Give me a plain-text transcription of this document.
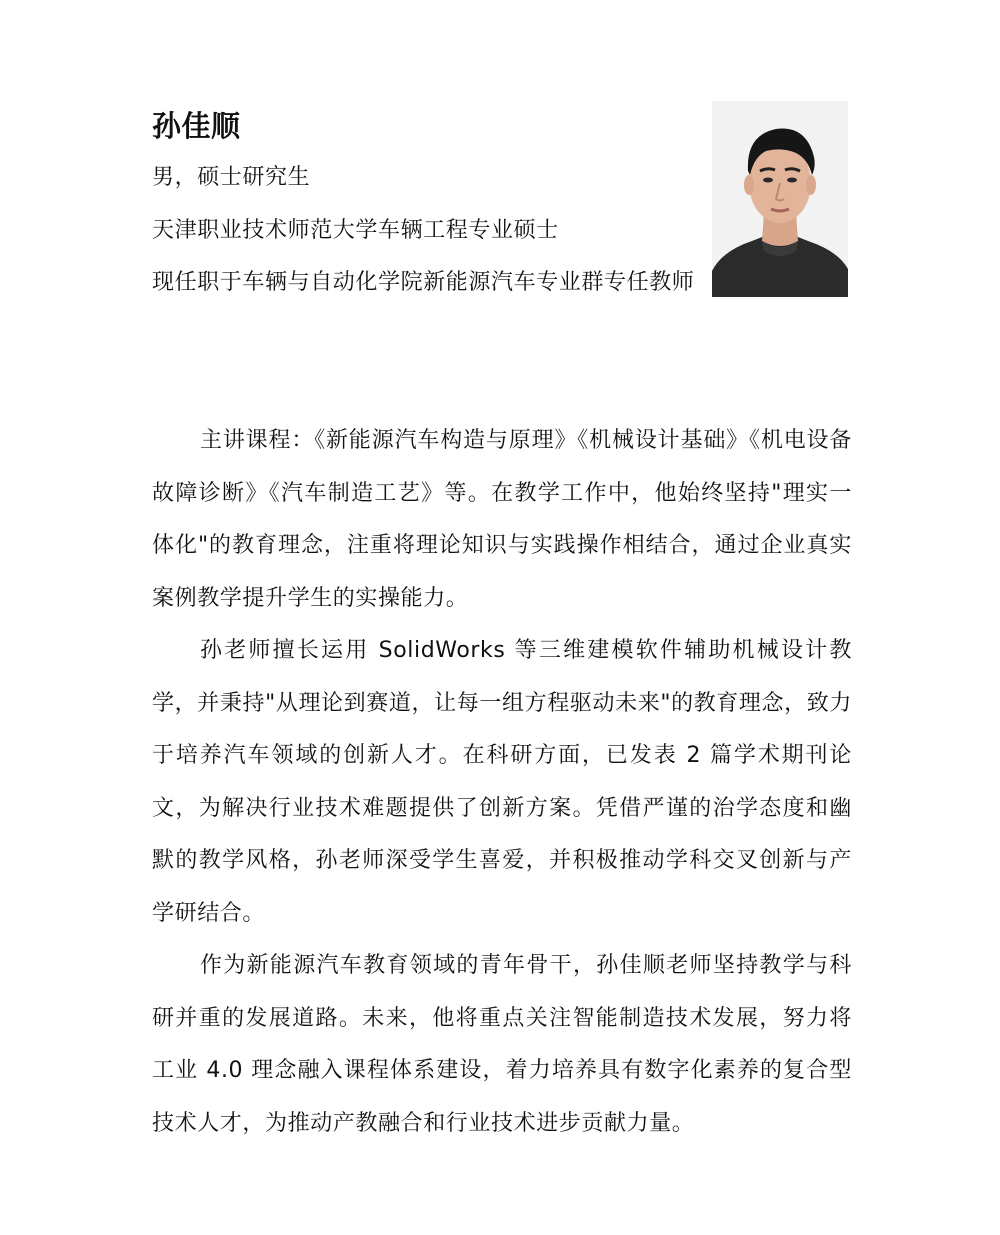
孙佳顺

男，硕士研究生

天津职业技术师范大学车辆工程专业硕士

现任职于车辆与自动化学院新能源汽车专业群专任教师

主讲课程：《新能源汽车构造与原理》《机械设计基础》《机电设备故障诊断》《汽车制造工艺》等。在教学工作中，他始终坚持"理实一体化"的教育理念，注重将理论知识与实践操作相结合，通过企业真实案例教学提升学生的实操能力。

孙老师擅长运用 SolidWorks 等三维建模软件辅助机械设计教学，并秉持"从理论到赛道，让每一组方程驱动未来"的教育理念，致力于培养汽车领域的创新人才。在科研方面，已发表 2 篇学术期刊论文，为解决行业技术难题提供了创新方案。凭借严谨的治学态度和幽默的教学风格，孙老师深受学生喜爱，并积极推动学科交叉创新与产学研结合。

作为新能源汽车教育领域的青年骨干，孙佳顺老师坚持教学与科研并重的发展道路。未来，他将重点关注智能制造技术发展，努力将工业 4.0 理念融入课程体系建设，着力培养具有数字化素养的复合型技术人才，为推动产教融合和行业技术进步贡献力量。
